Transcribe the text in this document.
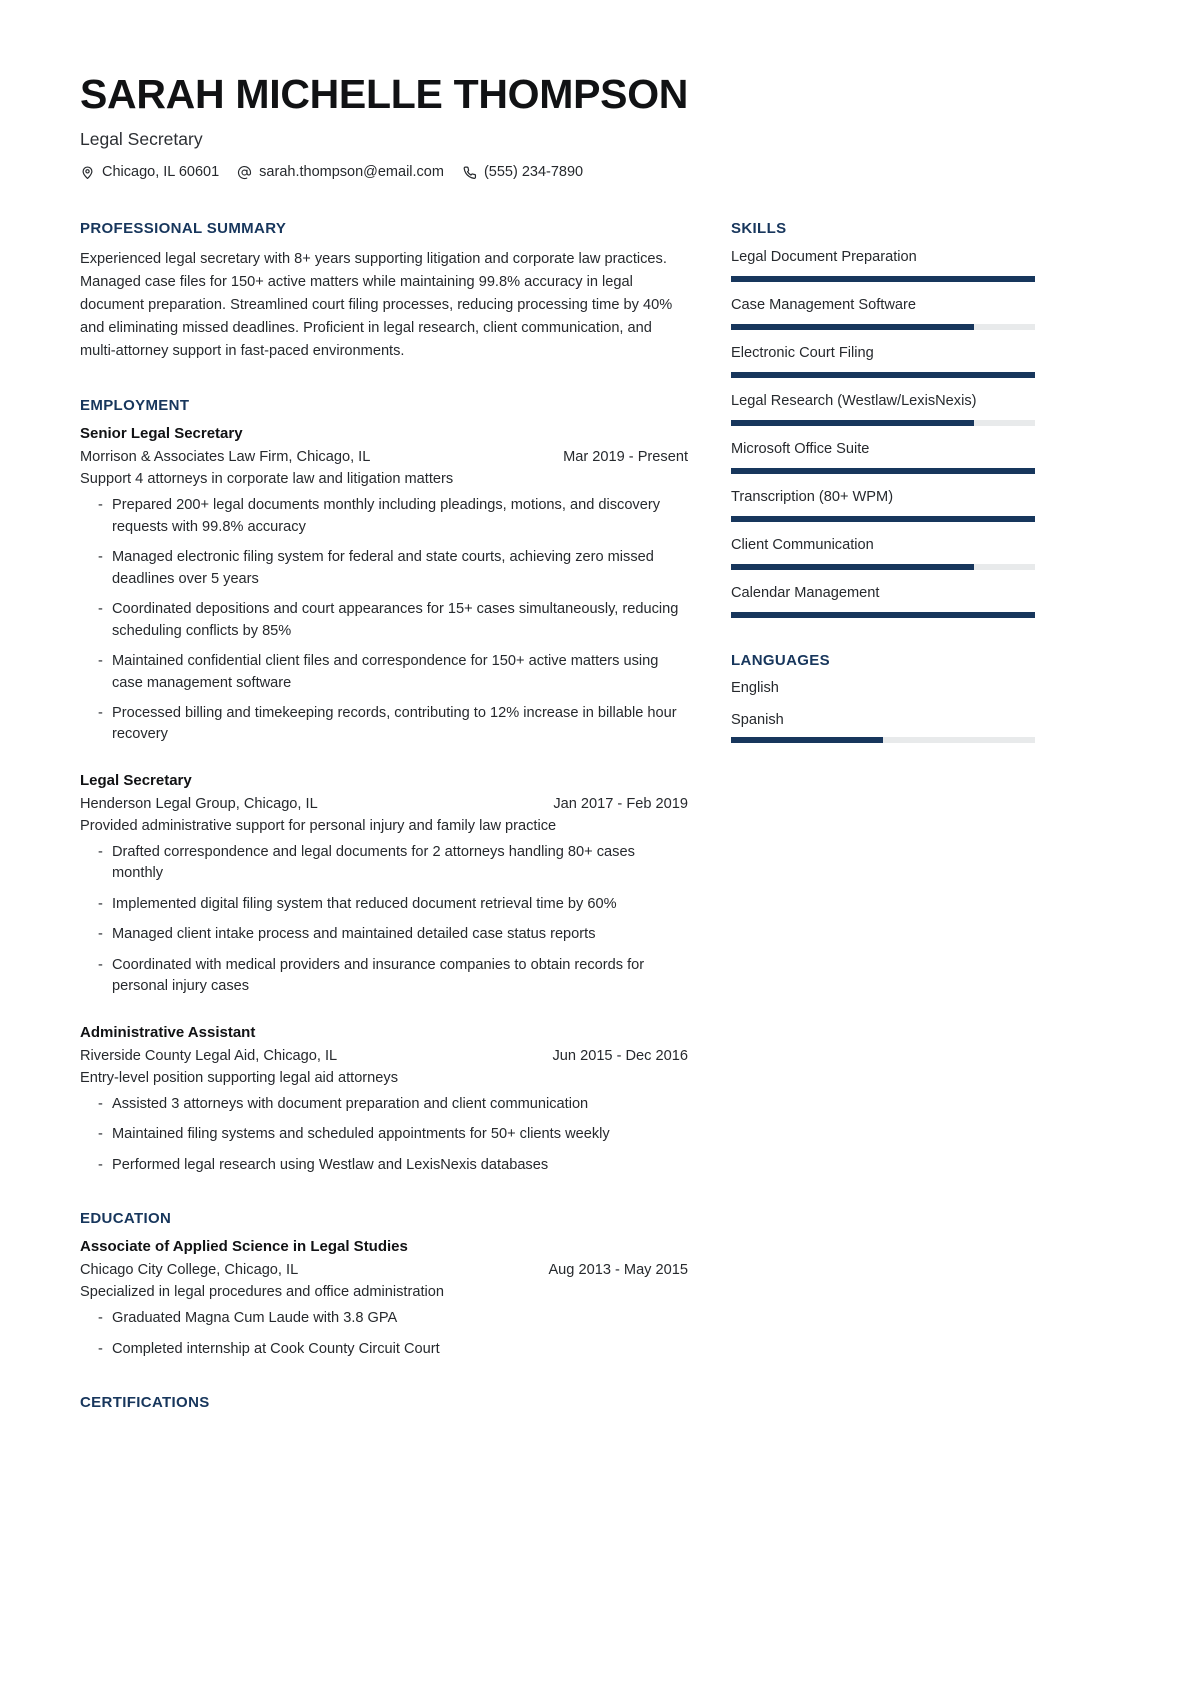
SARAH MICHELLE THOMPSON
Legal Secretary
Chicago, IL 60601	sarah.thompson@email.com	(555) 234-7890
PROFESSIONAL SUMMARY

Experienced legal secretary with 8+ years supporting litigation and corporate law practices. Managed case files for 150+ active matters while maintaining 99.8% accuracy in legal document preparation. Streamlined court filing processes, reducing processing time by 40% and eliminating missed deadlines. Proficient in legal research, client communication, and multi-attorney support in fast-paced environments.

EMPLOYMENT
Senior Legal Secretary
Morrison & Associates Law Firm, Chicago, IL	Mar 2019 - Present
Support 4 attorneys in corporate law and litigation matters
- Prepared 200+ legal documents monthly including pleadings, motions, and discovery requests with 99.8% accuracy
- Managed electronic filing system for federal and state courts, achieving zero missed deadlines over 5 years
- Coordinated depositions and court appearances for 15+ cases simultaneously, reducing scheduling conflicts by 85%
- Maintained confidential client files and correspondence for 150+ active matters using case management software
- Processed billing and timekeeping records, contributing to 12% increase in billable hour recovery
Legal Secretary
Henderson Legal Group, Chicago, IL	Jan 2017 - Feb 2019
Provided administrative support for personal injury and family law practice
- Drafted correspondence and legal documents for 2 attorneys handling 80+ cases monthly
- Implemented digital filing system that reduced document retrieval time by 60%
- Managed client intake process and maintained detailed case status reports
- Coordinated with medical providers and insurance companies to obtain records for personal injury cases
Administrative Assistant
Riverside County Legal Aid, Chicago, IL	Jun 2015 - Dec 2016
Entry-level position supporting legal aid attorneys
- Assisted 3 attorneys with document preparation and client communication
- Maintained filing systems and scheduled appointments for 50+ clients weekly
- Performed legal research using Westlaw and LexisNexis databases
EDUCATION
Associate of Applied Science in Legal Studies
Chicago City College, Chicago, IL	Aug 2013 - May 2015
Specialized in legal procedures and office administration
- Graduated Magna Cum Laude with 3.8 GPA
- Completed internship at Cook County Circuit Court
CERTIFICATIONS
SKILLS
Legal Document Preparation
Case Management Software
Electronic Court Filing
Legal Research (Westlaw/LexisNexis)
Microsoft Office Suite
Transcription (80+ WPM)
Client Communication
Calendar Management
LANGUAGES
English
Spanish
